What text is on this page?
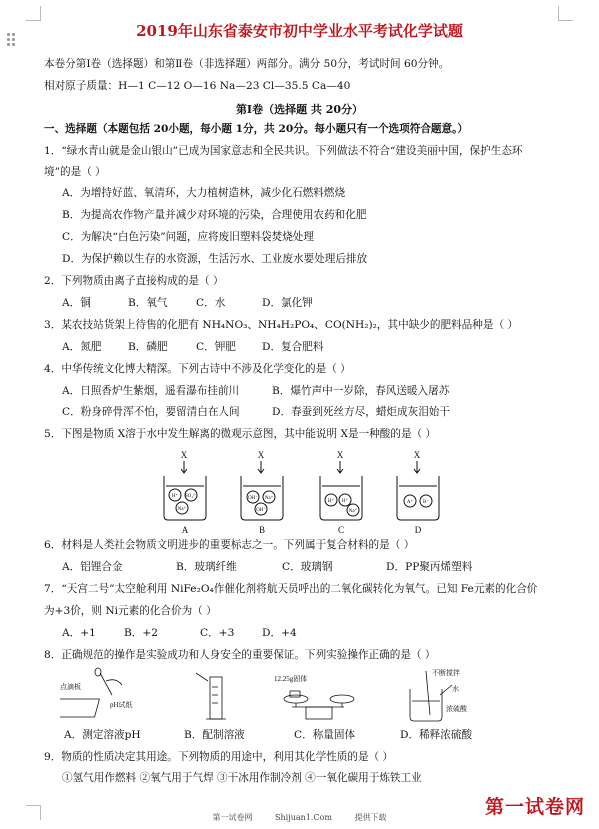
2019年山东省泰安市初中学业水平考试化学试题
本卷分第Ⅰ卷（选择题）和第Ⅱ卷（非选择题）两部分。满分 50分，考试时间 60分钟。
相对原子质量：H—1 C—12 O—16 Na—23 Cl—35.5 Ca—40
第Ⅰ卷（选择题 共 20分）
一、选择题（本题包括 20小题，每小题 1分，共 20分。每小题只有一个选项符合题意。）
1．“绿水青山就是金山银山”已成为国家意志和全民共识。下列做法不符合“建设美丽中国，保护生态环
境”的是（ ）
A．为增持好蓝、氧清环，大力植树造林，减少化石燃料燃烧
B．为提高农作物产量并减少对环境的污染，合理使用农药和化肥
C．为解决“白色污染”问题，应将废旧塑料袋焚烧处理
D．为保护赖以生存的水资源，生活污水、工业废水要处理后排放
2．下列物质由离子直接构成的是（ ）
A．铜	B．氧气	C．水	D．氯化钾
3．某农技站货架上待售的化肥有 NH₄NO₃、NH₄H₂PO₄、CO(NH₂)₂，其中缺少的肥料品种是（ ）
A．氮肥	B．磷肥	C．钾肥 D．复合肥料
4．中华传统文化博大精深。下列古诗中不涉及化学变化的是（ ）
A．日照香炉生紫烟，遥看瀑布挂前川	B．爆竹声中一岁除，春风送暖入屠苏
C．粉身碎骨浑不怕，要留清白在人间	D．春蚕到死丝方尽，蜡炬成灰泪始干
5．下图是物质 X溶于水中发生解离的微观示意图，其中能说明 X是一种酸的是（ ）
X	X	X	X
H⁺ SO₄²⁻
Na⁺
OH⁻ Na⁺
OH⁻
H⁺ H⁺
Na⁺
A⁺ B⁻
A	B	C	D
6．材料是人类社会物质文明进步的重要标志之一。下列属于复合材料的是（ ）
A．铝锂合金	B．玻璃纤维	C．玻璃钢	D．PP聚丙烯塑料
7．“天宫二号”太空舱利用 NiFe₂O₄作催化剂将航天员呼出的二氧化碳转化为氧气。已知 Fe元素的化合价
为+3价，则 Ni元素的化合价为（ ）
A．+1	B．+2	C．+3	D．+4
8．正确规范的操作是实验成功和人身安全的重要保证。下列实验操作正确的是（ ）
点滴板
pH试纸
12.25g固体
不断搅拌
水
浓硫酸
A．测定溶液pH	B．配制溶液	C．称量固体	D．稀释浓硫酸
9．物质的性质决定其用途。下列物质的用途中，利用其化学性质的是（ ）
①氢气用作燃料 ②氧气用于气焊 ③干冰用作制冷剂 ④一氧化碳用于炼铁工业
第一试卷网
第一试卷网	Shijuan1.Com	提供下载
